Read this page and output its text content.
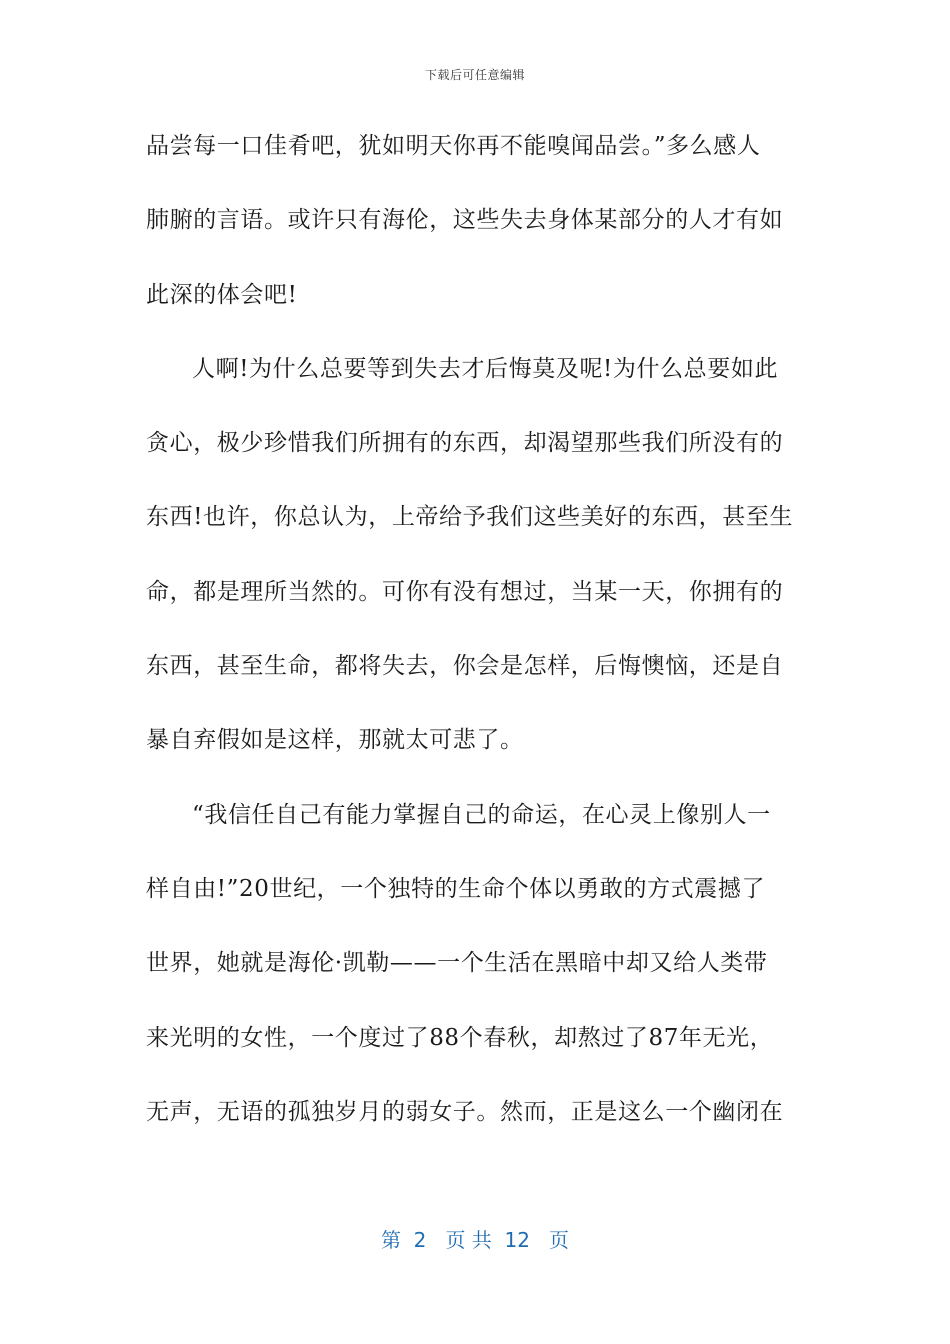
下载后可任意编辑
品尝每一口佳肴吧，犹如明天你再不能嗅闻品尝。”多么感人
肺腑的言语。或许只有海伦，这些失去身体某部分的人才有如
此深的体会吧!
人啊!为什么总要等到失去才后悔莫及呢!为什么总要如此
贪心，极少珍惜我们所拥有的东西，却渴望那些我们所没有的
东西!也许，你总认为，上帝给予我们这些美好的东西，甚至生
命，都是理所当然的。可你有没有想过，当某一天，你拥有的
东西，甚至生命，都将失去，你会是怎样，后悔懊恼，还是自
暴自弃假如是这样，那就太可悲了。
“我信任自己有能力掌握自己的命运，在心灵上像别人一
样自由!”20世纪，一个独特的生命个体以勇敢的方式震撼了
世界，她就是海伦·凯勒——一个生活在黑暗中却又给人类带
来光明的女性，一个度过了88个春秋，却熬过了87年无光，
无声，无语的孤独岁月的弱女子。然而，正是这么一个幽闭在
第  2   页 共  12   页
